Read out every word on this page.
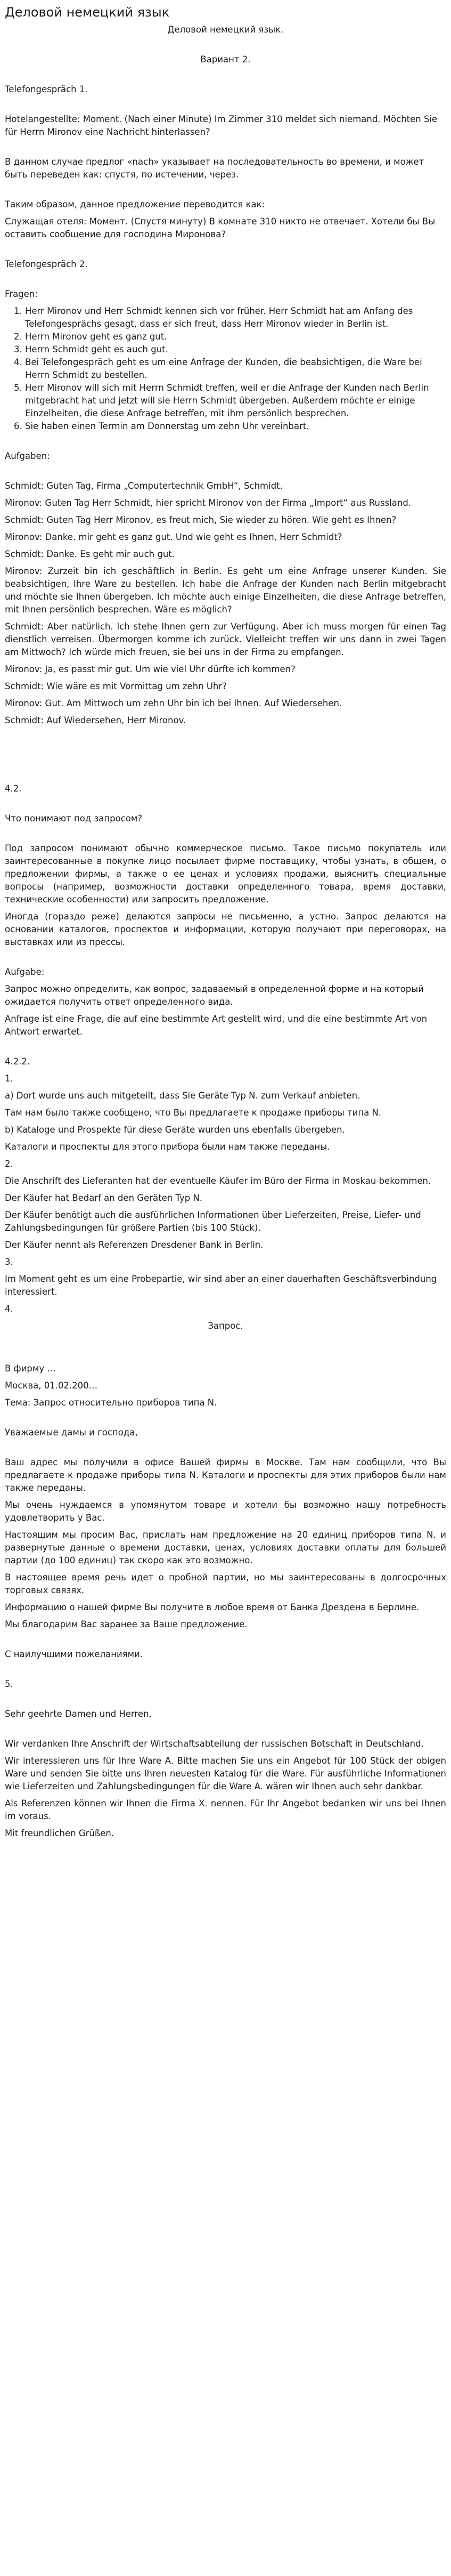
Деловой немецкий язык

Деловой немецкий язык.

Вариант 2.

Telefongespräch 1.

Hotelangestellte: Moment. (Nach einer Minute) Im Zimmer 310 meldet sich niemand. Möchten Sie für Herrn Mironov eine Nachricht hinterlassen?

В данном случае предлог «nach» указывает на последовательность во времени, и может быть переведен как: спустя, по истечении, через.

Таким образом, данное предложение переводится как:

Служащая отеля: Момент. (Спустя минуту) В комнате 310 никто не отвечает. Хотели бы Вы оставить сообщение для господина Миронова?

Telefongespräch 2.

Fragen:

1. Herr Mironov und Herr Schmidt kennen sich vor früher. Herr Schmidt hat am Anfang des Telefongesprächs gesagt, dass er sich freut, dass Herr Mironov wieder in Berlin ist.
2. Herrn Mironov geht es ganz gut.
3. Herrn Schmidt geht es auch gut.
4. Bei Telefongespräch geht es um eine Anfrage der Kunden, die beabsichtigen, die Ware bei Herrn Schmidt zu bestellen.
5. Herr Mironov will sich mit Herrn Schmidt treffen, weil er die Anfrage der Kunden nach Berlin mitgebracht hat und jetzt will sie Herrn Schmidt übergeben. Außerdem möchte er einige Einzelheiten, die diese Anfrage betreffen, mit ihm persönlich besprechen.
6. Sie haben einen Termin am Donnerstag um zehn Uhr vereinbart.

Aufgaben:

Schmidt: Guten Tag, Firma „Computertechnik GmbH“, Schmidt.

Mironov: Guten Tag Herr Schmidt, hier spricht Mironov von der Firma „Import“ aus Russland.

Schmidt: Guten Tag Herr Mironov, es freut mich, Sie wieder zu hören. Wie geht es Ihnen?

Mironov: Danke. mir geht es ganz gut. Und wie geht es Ihnen, Herr Schmidt?

Schmidt: Danke. Es geht mir auch gut.

Mironov: Zurzeit bin ich geschäftlich in Berlin. Es geht um eine Anfrage unserer Kunden. Sie beabsichtigen, Ihre Ware zu bestellen. Ich habe die Anfrage der Kunden nach Berlin mitgebracht und möchte sie Ihnen übergeben. Ich möchte auch einige Einzelheiten, die diese Anfrage betreffen, mit Ihnen persönlich besprechen. Wäre es möglich?

Schmidt: Aber natürlich. Ich stehe Ihnen gern zur Verfügung. Aber ich muss morgen für einen Tag dienstlich verreisen. Übermorgen komme ich zurück. Vielleicht treffen wir uns dann in zwei Tagen am Mittwoch? Ich würde mich freuen, sie bei uns in der Firma zu empfangen.

Mironov: Ja, es passt mir gut. Um wie viel Uhr dürfte ich kommen?

Schmidt: Wie wäre es mit Vormittag um zehn Uhr?

Mironov: Gut. Am Mittwoch um zehn Uhr bin ich bei Ihnen. Auf Wiedersehen.

Schmidt: Auf Wiedersehen, Herr Mironov.

4.2.

Что понимают под запросом?

Под запросом понимают обычно коммерческое письмо. Такое письмо покупатель или заинтересованные в покупке лицо посылает фирме поставщику, чтобы узнать, в общем, о предложении фирмы, а также о ее ценах и условиях продажи, выяснить специальные вопросы (например, возможности доставки определенного товара, время доставки, технические особенности) или запросить предложение.

Иногда (гораздо реже) делаются запросы не письменно, а устно. Запрос делаются на основании каталогов, проспектов и информации, которую получают при переговорах, на выставках или из прессы.

Aufgabe:

Запрос можно определить, как вопрос, задаваемый в определенной форме и на который ожидается получить ответ определенного вида.

Anfrage ist eine Frage, die auf eine bestimmte Art gestellt wird, und die eine bestimmte Art von Antwort erwartet.

4.2.2.

1.

a) Dort wurde uns auch mitgeteilt, dass Sie Geräte Typ N. zum Verkauf anbieten.

Там нам было также сообщено, что Вы предлагаете к продаже приборы типа N.

b) Kataloge und Prospekte für diese Geräte wurden uns ebenfalls übergeben.

Каталоги и проспекты для этого прибора были нам также переданы.

2.

Die Anschrift des Lieferanten hat der eventuelle Käufer im Büro der Firma in Moskau bekommen.

Der Käufer hat Bedarf an den Geräten Typ N.

Der Käufer benötigt auch die ausführlichen Informationen über Lieferzeiten, Preise, Liefer- und Zahlungsbedingungen für größere Partien (bis 100 Stück).

Der Käufer nennt als Referenzen Dresdener Bank in Berlin.

3.

Im Moment geht es um eine Probepartie, wir sind aber an einer dauerhaften Geschäftsverbindung interessiert.

4.

Запрос.

В фирму …

Москва, 01.02.200…

Тема: Запрос относительно приборов типа N.

Уважаемые дамы и господа,

Ваш адрес мы получили в офисе Вашей фирмы в Москве. Там нам сообщили, что Вы предлагаете к продаже приборы типа N. Каталоги и проспекты для этих приборов были нам также переданы.

Мы очень нуждаемся в упомянутом товаре и хотели бы возможно нашу потребность удовлетворить у Вас.

Настоящим мы просим Вас, прислать нам предложение на 20 единиц приборов типа N. и развернутые данные о времени доставки, ценах, условиях доставки оплаты для большей партии (до 100 единиц) так скоро как это возможно.

В настоящее время речь идет о пробной партии, но мы заинтересованы в долгосрочных торговых связях.

Информацию о нашей фирме Вы получите в любое время от Банка Дрездена в Берлине.

Мы благодарим Вас заранее за Ваше предложение.

С наилучшими пожеланиями.

5.

Sehr geehrte Damen und Herren,

Wir verdanken Ihre Anschrift der Wirtschaftsabteilung der russischen Botschaft in Deutschland.

Wir interessieren uns für Ihre Ware A. Bitte machen Sie uns ein Angebot für 100 Stück der obigen Ware und senden Sie bitte uns Ihren neuesten Katalog für die Ware. Für ausführliche Informationen wie Lieferzeiten und Zahlungsbedingungen für die Ware A. wären wir Ihnen auch sehr dankbar.

Als Referenzen können wir Ihnen die Firma X. nennen. Für Ihr Angebot bedanken wir uns bei Ihnen im voraus.

Mit freundlichen Grüßen.
